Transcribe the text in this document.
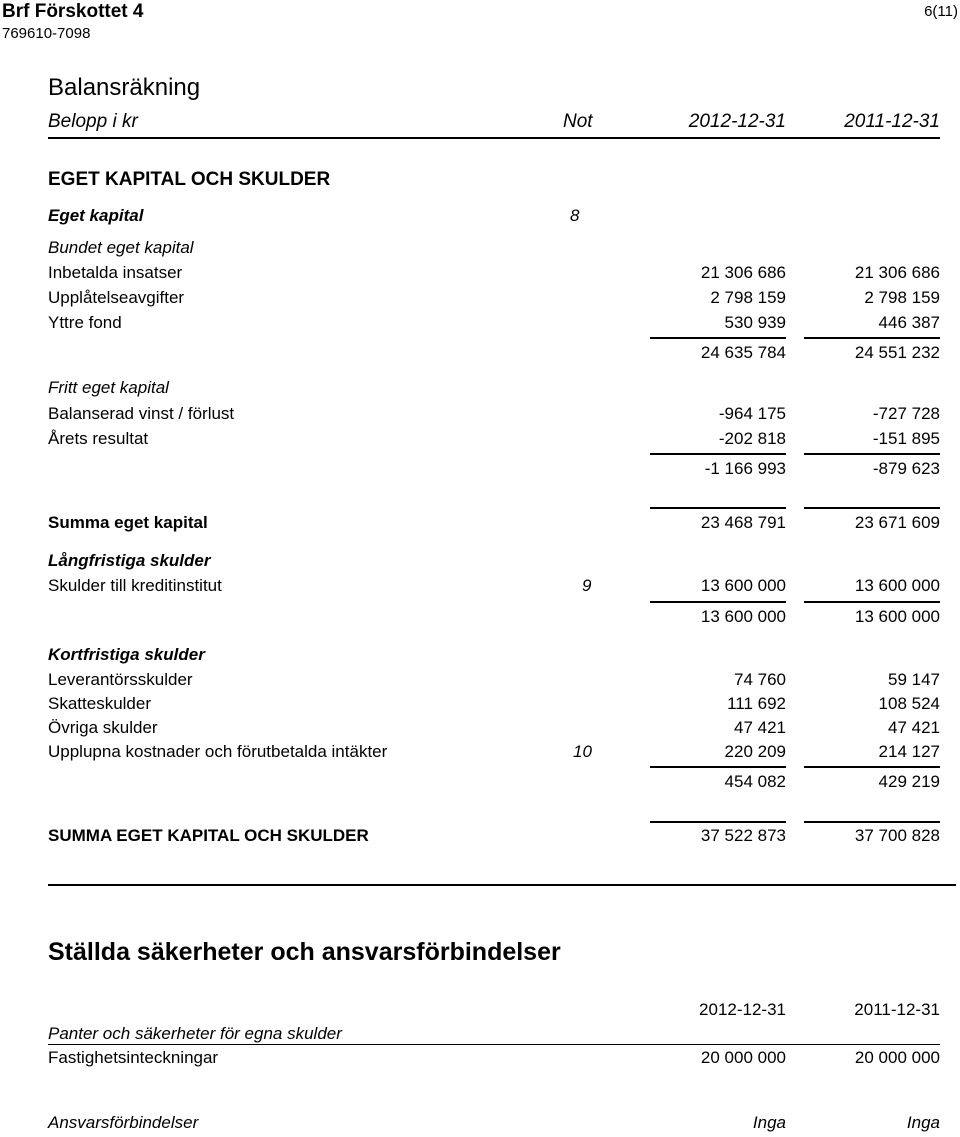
Brf Förskottet 4
769610-7098
6(11)
Balansräkning
Belopp i kr	Not	2012-12-31	2011-12-31
EGET KAPITAL OCH SKULDER
Eget kapital	8
Bundet eget kapital
Inbetalda insatser	21 306 686	21 306 686
Upplåtelseavgifter	2 798 159	2 798 159
Yttre fond	530 939	446 387
24 635 784	24 551 232
Fritt eget kapital
Balanserad vinst / förlust	-964 175	-727 728
Årets resultat	-202 818	-151 895
-1 166 993	-879 623
Summa eget kapital	23 468 791	23 671 609
Långfristiga skulder
Skulder till kreditinstitut	9	13 600 000	13 600 000
13 600 000	13 600 000
Kortfristiga skulder
Leverantörsskulder	74 760	59 147
Skatteskulder	111 692	108 524
Övriga skulder	47 421	47 421
Upplupna kostnader och förutbetalda intäkter	10	220 209	214 127
454 082	429 219
SUMMA EGET KAPITAL OCH SKULDER	37 522 873	37 700 828
Ställda säkerheter och ansvarsförbindelser
2012-12-31	2011-12-31
Panter och säkerheter för egna skulder
Fastighetsinteckningar	20 000 000	20 000 000
Ansvarsförbindelser	Inga	Inga
